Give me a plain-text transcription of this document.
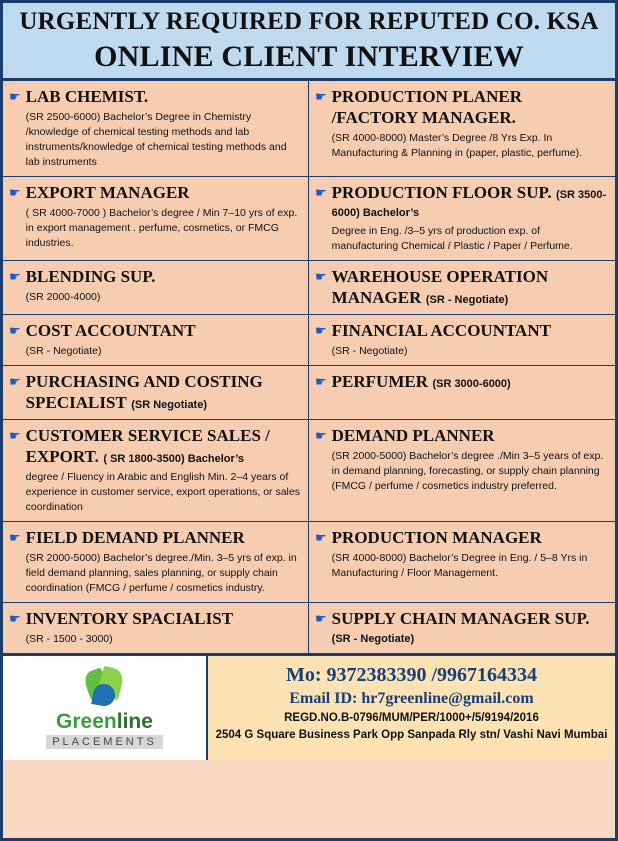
URGENTLY REQUIRED FOR REPUTED CO. KSA
ONLINE CLIENT INTERVIEW
☛ LAB CHEMIST.
(SR 2500-6000) Bachelor’s Degree in Chemistry /knowledge of chemical testing methods and lab instruments/knowledge of chemical testing methods and lab instruments
☛ PRODUCTION PLANER /FACTORY MANAGER.
(SR 4000-8000) Master’s Degree /8 Yrs Exp. In Manufacturing & Planning in (paper, plastic, perfume).
☛ EXPORT MANAGER
( SR 4000-7000 ) Bachelor’s degree / Min 7–10 yrs of exp. in export management . perfume, cosmetics, or FMCG industries.
☛ PRODUCTION FLOOR SUP. (SR 3500-6000) Bachelor’s
Degree in Eng. /3–5 yrs of production exp. of manufacturing Chemical / Plastic / Paper / Perfume.
☛ BLENDING SUP.
(SR 2000-4000)
☛ WAREHOUSE OPERATION MANAGER (SR - Negotiate)
☛ COST ACCOUNTANT
(SR - Negotiate)
☛ FINANCIAL ACCOUNTANT
(SR - Negotiate)
☛ PURCHASING AND COSTING SPECIALIST (SR Negotiate)
☛ PERFUMER (SR 3000-6000)
☛ CUSTOMER SERVICE SALES / EXPORT. ( SR 1800-3500) Bachelor’s
degree / Fluency in Arabic and English Min. 2–4 years of experience in customer service, export operations, or sales coordination
☛ DEMAND PLANNER
(SR 2000-5000) Bachelor’s degree ./Min 3–5 years of exp. in demand planning, forecasting, or supply chain planning (FMCG / perfume / cosmetics industry preferred.
☛ FIELD DEMAND PLANNER
(SR 2000-5000) Bachelor’s degree./Min. 3–5 yrs of exp. in field demand planning, sales planning, or supply chain coordination (FMCG / perfume / cosmetics industry.
☛ PRODUCTION MANAGER
(SR 4000-8000) Bachelor’s Degree in Eng. / 5–8 Yrs in Manufacturing / Floor Management.
☛ INVENTORY SPACIALIST
(SR - 1500 - 3000)
☛ SUPPLY CHAIN MANAGER SUP. (SR - Negotiate)
Greenline
PLACEMENTS
Mo: 9372383390 /9967164334
Email ID: hr7greenline@gmail.com
REGD.NO.B-0796/MUM/PER/1000+/5/9194/2016
2504 G Square Business Park Opp Sanpada Rly stn/ Vashi Navi Mumbai
